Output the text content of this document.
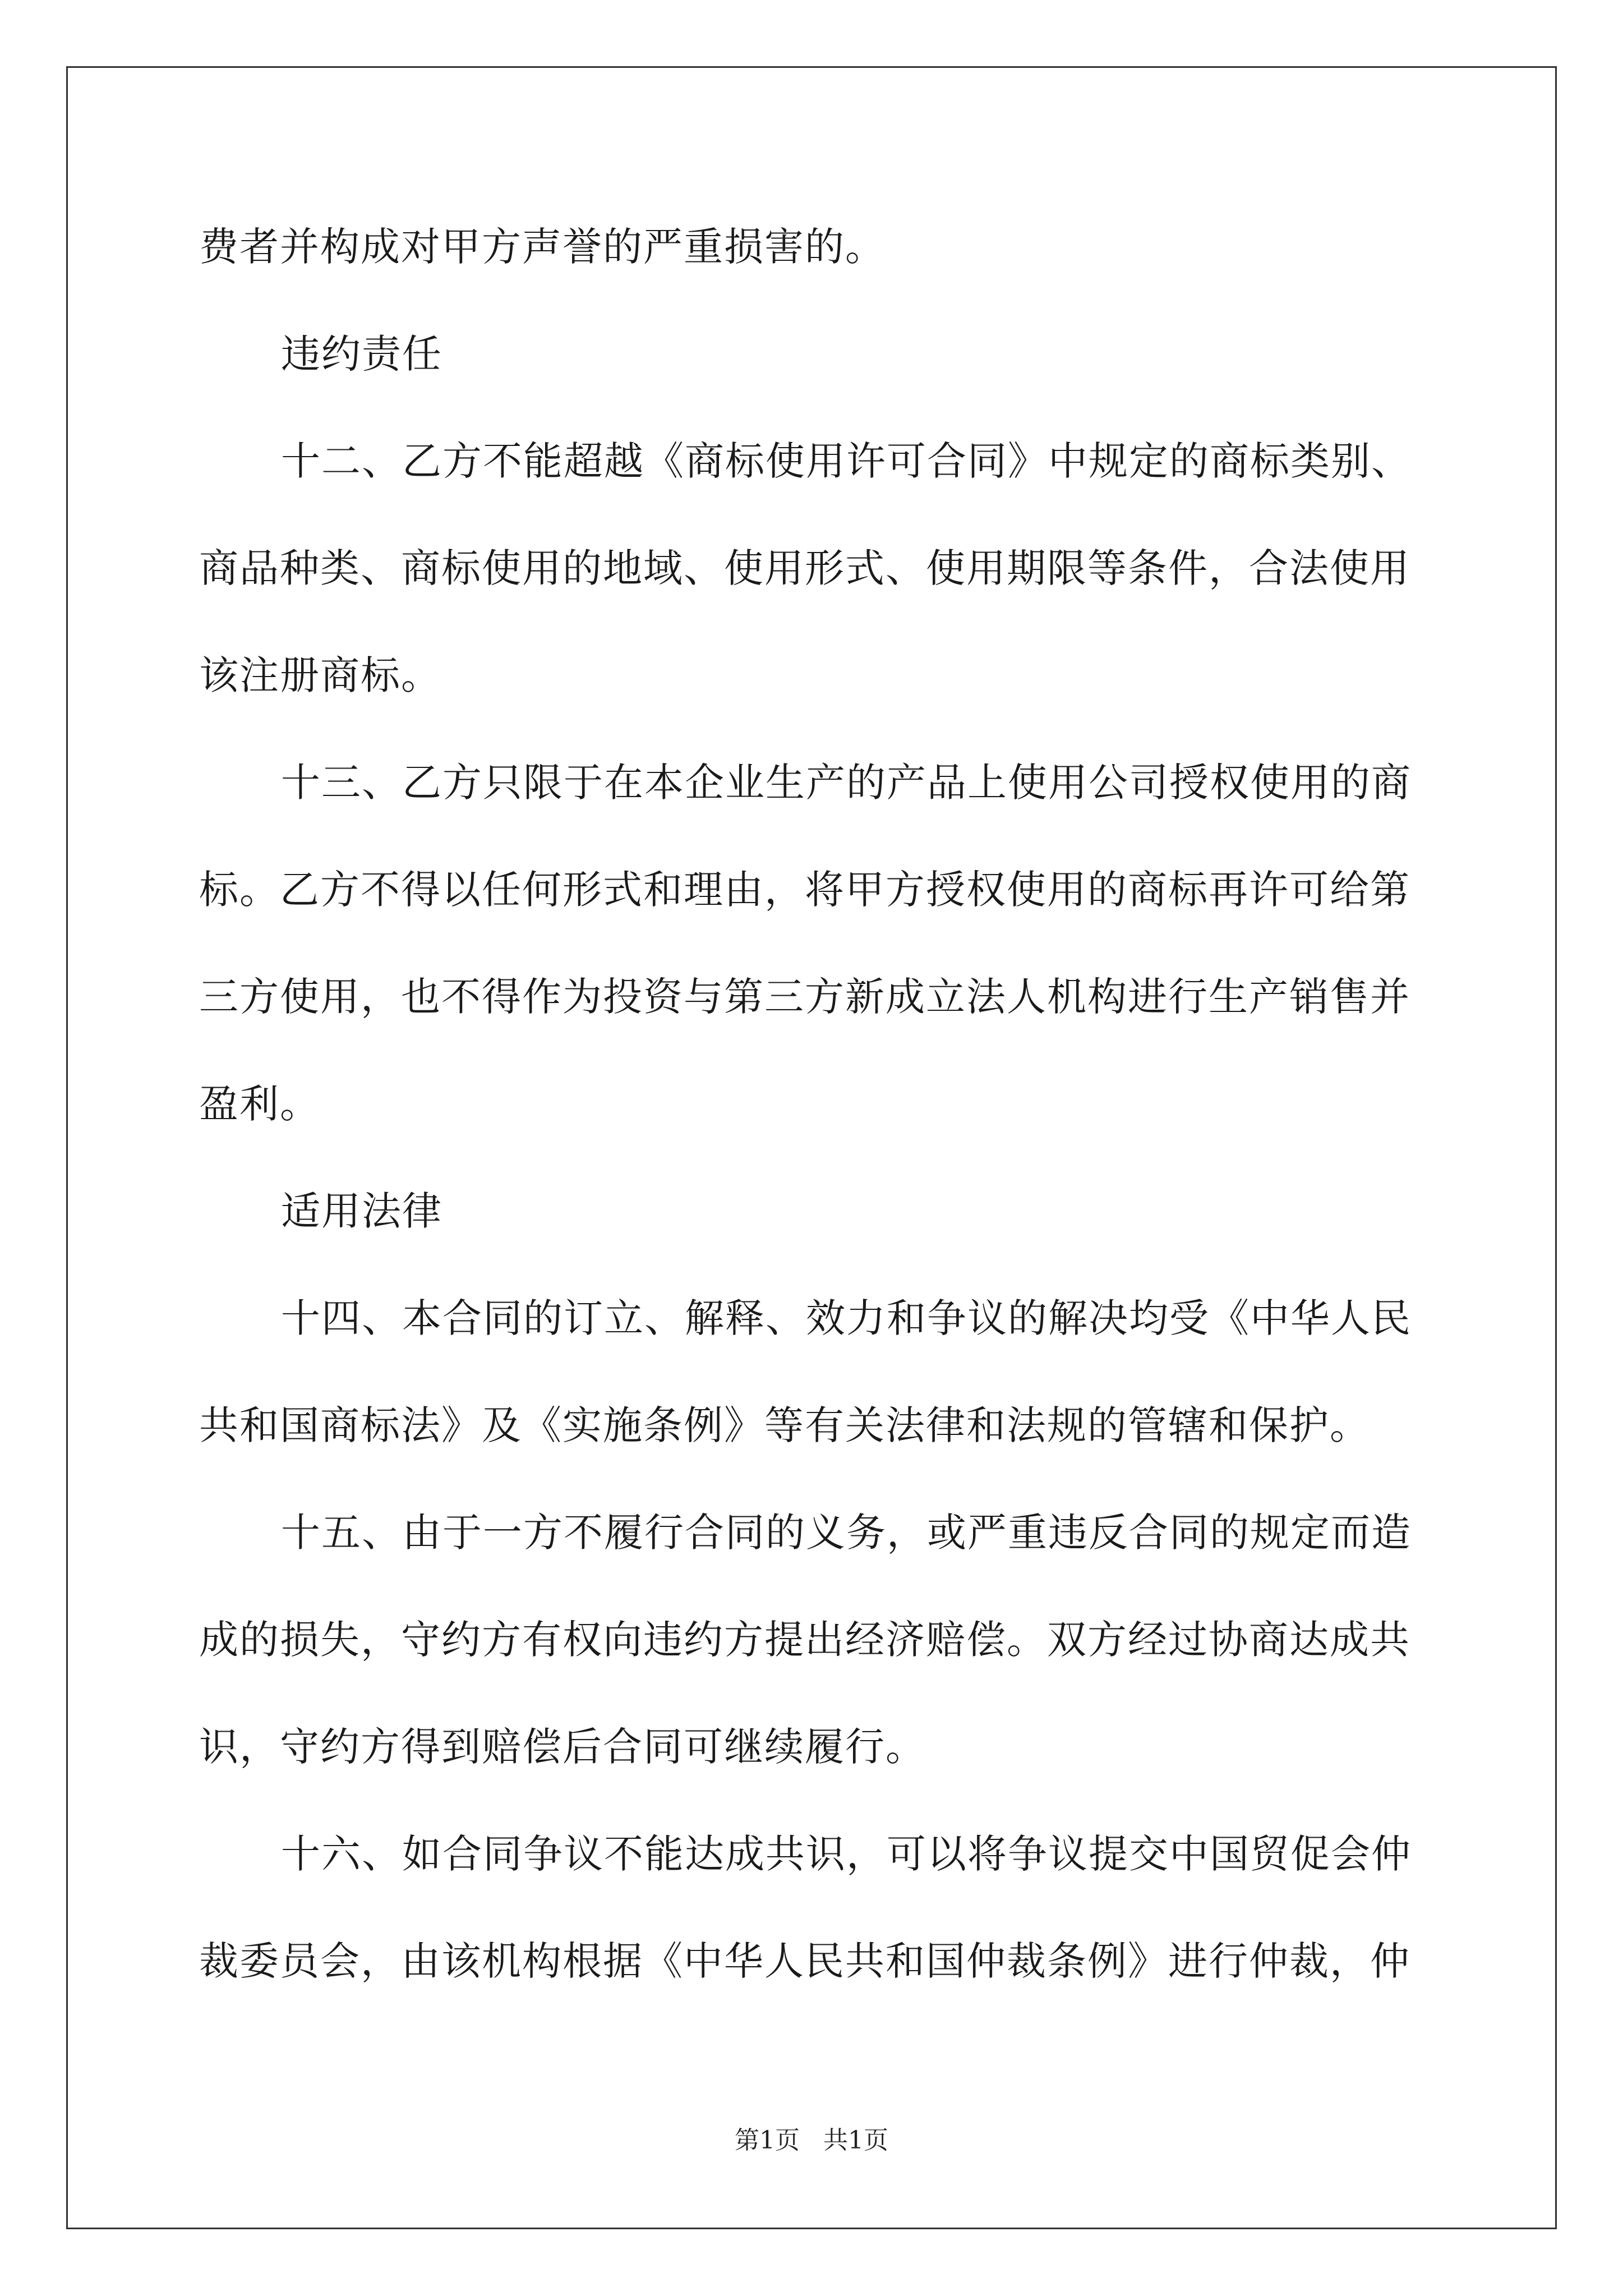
费者并构成对甲方声誉的严重损害的。
违约责任
十二、乙方不能超越《商标使用许可合同》中规定的商标类别、
商品种类、商标使用的地域、使用形式、使用期限等条件，合法使用
该注册商标。
十三、乙方只限于在本企业生产的产品上使用公司授权使用的商
标。乙方不得以任何形式和理由，将甲方授权使用的商标再许可给第
三方使用，也不得作为投资与第三方新成立法人机构进行生产销售并
盈利。
适用法律
十四、本合同的订立、解释、效力和争议的解决均受《中华人民
共和国商标法》及《实施条例》等有关法律和法规的管辖和保护。
十五、由于一方不履行合同的义务，或严重违反合同的规定而造
成的损失，守约方有权向违约方提出经济赔偿。双方经过协商达成共
识，守约方得到赔偿后合同可继续履行。
十六、如合同争议不能达成共识，可以将争议提交中国贸促会仲
裁委员会，由该机构根据《中华人民共和国仲裁条例》进行仲裁，仲
第1页 共1页
